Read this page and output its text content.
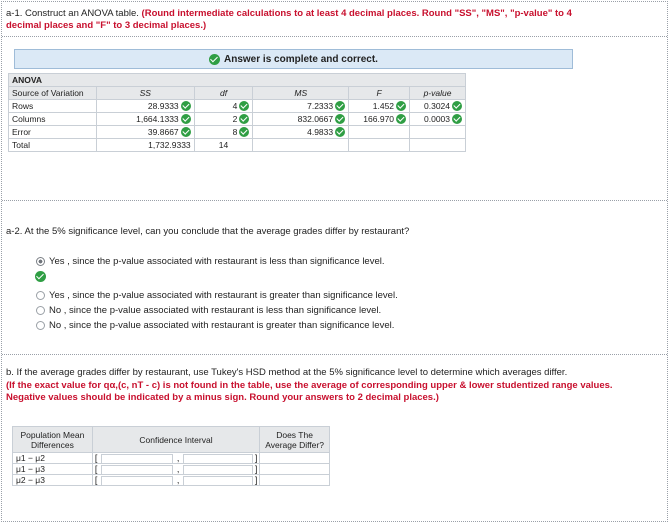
a-1. Construct an ANOVA table. (Round intermediate calculations to at least 4 decimal places. Round "SS", "MS", "p-value" to 4
decimal places and "F" to 3 decimal places.)
Answer is complete and correct.
ANOVA					
Source of Variation	SS	df	MS	F	p-value
Rows	28.9333	4	7.2333	1.452	0.3024
Columns	1,664.1333	2	832.0667	166.970	0.0003
Error	39.8667	8	4.9833		
Total	1,732.9333	14			
a-2. At the 5% significance level, can you conclude that the average grades differ by restaurant?
Yes , since the p-value associated with restaurant is less than significance level.
Yes , since the p-value associated with restaurant is greater than significance level.
No , since the p-value associated with restaurant is less than significance level.
No , since the p-value associated with restaurant is greater than significance level.
b. If the average grades differ by restaurant, use Tukey's HSD method at the 5% significance level to determine which averages differ.
(If the exact value for qα,(c, nT - c) is not found in the table, use the average of corresponding upper & lower studentized range values.
Negative values should be indicated by a minus sign. Round your answers to 2 decimal places.)
Population Mean Differences	Confidence Interval	Does The Average Differ?
μ1 − μ2	[ , ]	

μ1 − μ3	[ , ]	

μ2 − μ3	[ , ]	
